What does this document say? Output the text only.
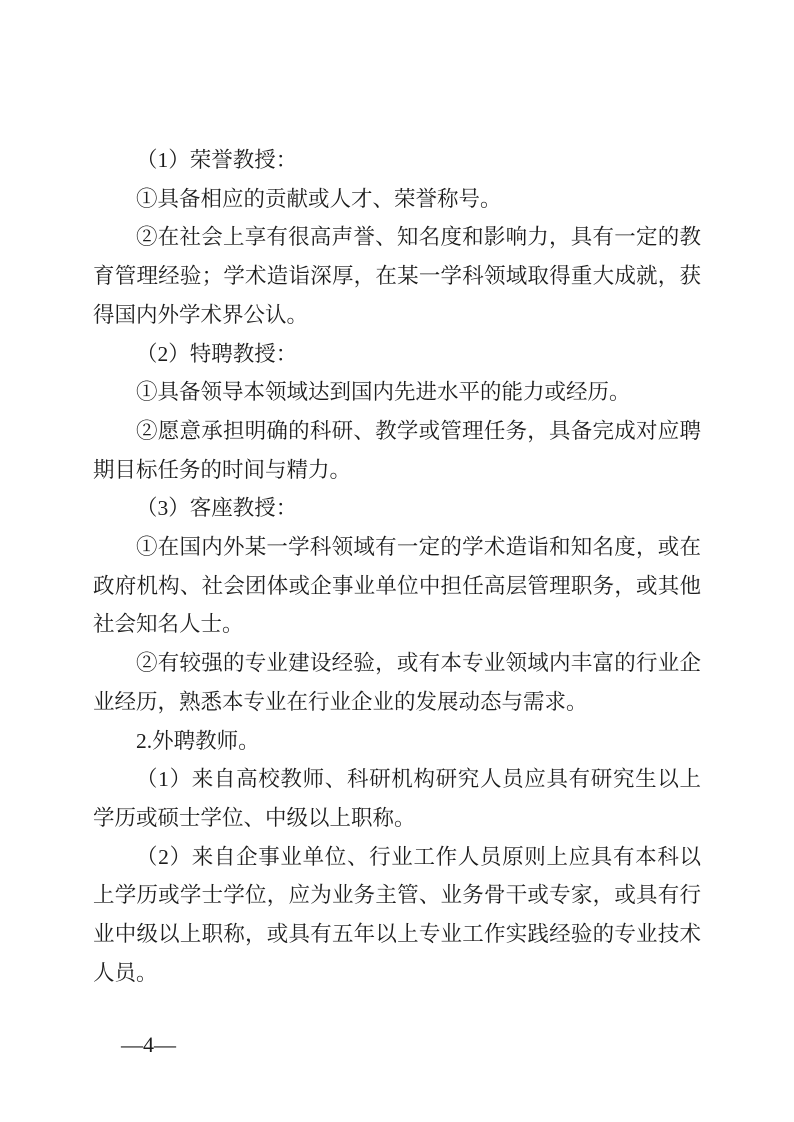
（1）荣誉教授：

①具备相应的贡献或人才、荣誉称号。

②在社会上享有很高声誉、知名度和影响力，具有一定的教育管理经验；学术造诣深厚，在某一学科领域取得重大成就，获得国内外学术界公认。

（2）特聘教授：

①具备领导本领域达到国内先进水平的能力或经历。

②愿意承担明确的科研、教学或管理任务，具备完成对应聘期目标任务的时间与精力。

（3）客座教授：

①在国内外某一学科领域有一定的学术造诣和知名度，或在政府机构、社会团体或企事业单位中担任高层管理职务，或其他社会知名人士。

②有较强的专业建设经验，或有本专业领域内丰富的行业企业经历，熟悉本专业在行业企业的发展动态与需求。

2.外聘教师。

（1）来自高校教师、科研机构研究人员应具有研究生以上学历或硕士学位、中级以上职称。

（2）来自企事业单位、行业工作人员原则上应具有本科以上学历或学士学位，应为业务主管、业务骨干或专家，或具有行业中级以上职称，或具有五年以上专业工作实践经验的专业技术人员。

—4—
